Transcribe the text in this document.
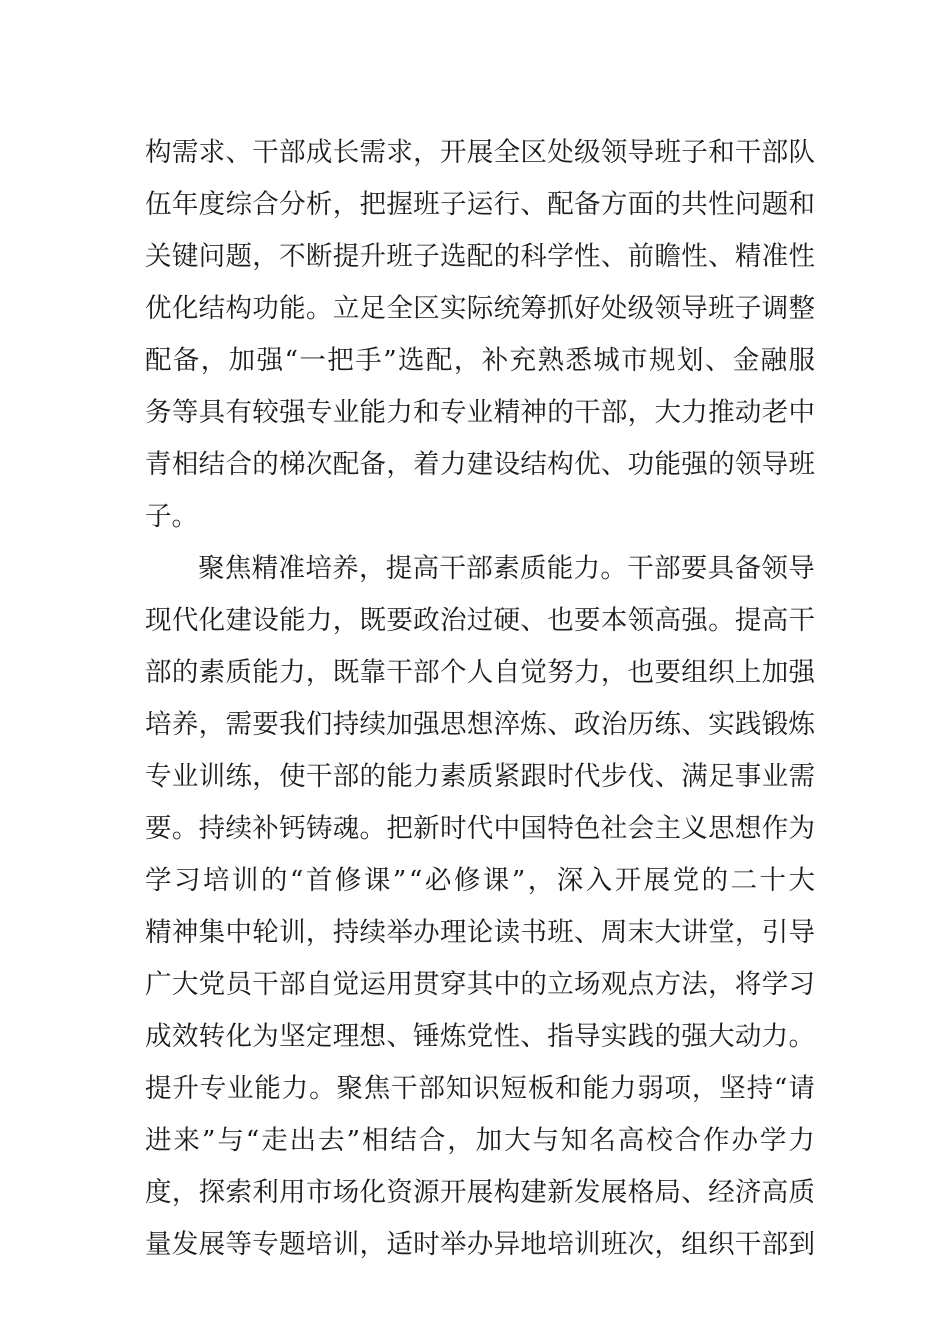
构 需 求 、 干 部 成 长 需 求 ， 开 展 全 区 处 级 领 导 班 子 和 干 部 队
伍 年 度 综 合 分 析 ， 把 握 班 子 运 行 、 配 备 方 面 的 共 性 问 题 和
关 键 问 题 ， 不 断 提 升 班 子 选 配 的 科 学 性 、 前 瞻 性 、 精 准 性
优 化 结 构 功 能 。 立 足 全 区 实 际 统 筹 抓 好 处 级 领 导 班 子 调 整
配 备 ， 加 强 “ 一 把 手 ” 选 配 ， 补 充 熟 悉 城 市 规 划 、 金 融 服
务 等 具 有 较 强 专 业 能 力 和 专 业 精 神 的 干 部 ， 大 力 推 动 老 中
青 相 结 合 的 梯 次 配 备 ， 着 力 建 设 结 构 优 、 功 能 强 的 领 导 班
子。
聚 焦 精 准 培 养 ， 提 高 干 部 素 质 能 力 。 干 部 要 具 备 领 导
现 代 化 建 设 能 力 ， 既 要 政 治 过 硬 、 也 要 本 领 高 强 。 提 高 干
部 的 素 质 能 力 ， 既 靠 干 部 个 人 自 觉 努 力 ， 也 要 组 织 上 加 强
培 养 ， 需 要 我 们 持 续 加 强 思 想 淬 炼 、 政 治 历 练 、 实 践 锻 炼
专 业 训 练 ， 使 干 部 的 能 力 素 质 紧 跟 时 代 步 伐 、 满 足 事 业 需
要 。 持 续 补 钙 铸 魂 。 把 新 时 代 中 国 特 色 社 会 主 义 思 想 作 为
学 习 培 训 的 “ 首 修 课 ” “ 必 修 课 ” ， 深 入 开 展 党 的 二 十 大
精 神 集 中 轮 训 ， 持 续 举 办 理 论 读 书 班 、 周 末 大 讲 堂 ， 引 导
广 大 党 员 干 部 自 觉 运 用 贯 穿 其 中 的 立 场 观 点 方 法 ， 将 学 习
成 效 转 化 为 坚 定 理 想 、 锤 炼 党 性 、 指 导 实 践 的 强 大 动 力 。
提 升 专 业 能 力 。 聚 焦 干 部 知 识 短 板 和 能 力 弱 项 ， 坚 持 “ 请
进 来 ” 与 “ 走 出 去 ” 相 结 合 ， 加 大 与 知 名 高 校 合 作 办 学 力
度 ， 探 索 利 用 市 场 化 资 源 开 展 构 建 新 发 展 格 局 、 经 济 高 质
量 发 展 等 专 题 培 训 ， 适 时 举 办 异 地 培 训 班 次 ， 组 织 干 部 到
